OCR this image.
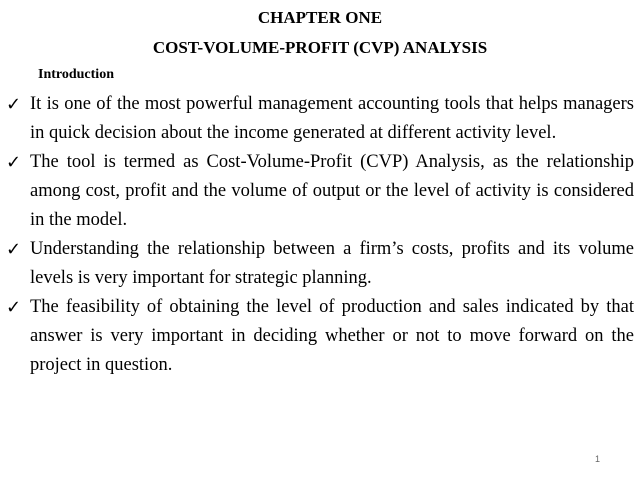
CHAPTER ONE
COST-VOLUME-PROFIT (CVP) ANALYSIS
Introduction
✓ It is one of the most powerful management accounting tools that helps managers in quick decision about the income generated at different activity level.
✓ The tool is termed as Cost-Volume-Profit (CVP) Analysis, as the relationship among cost, profit and the volume of output or the level of activity is considered in the model.
✓ Understanding the relationship between a firm’s costs, profits and its volume levels is very important for strategic planning.
✓ The feasibility of obtaining the level of production and sales indicated by that answer is very important in deciding whether or not to move forward on the project in question.
1
